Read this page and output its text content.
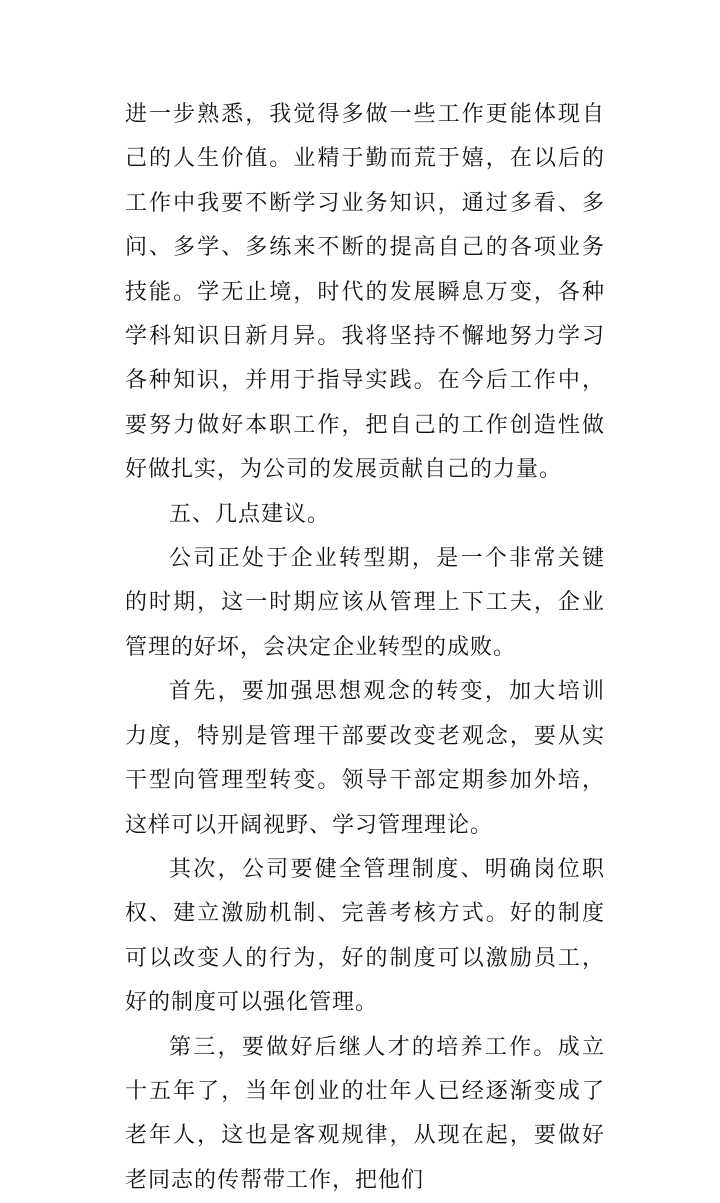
进一步熟悉，我觉得多做一些工作更能体现自己的人生价值。业精于勤而荒于嬉，在以后的工作中我要不断学习业务知识，通过多看、多问、多学、多练来不断的提高自己的各项业务技能。学无止境，时代的发展瞬息万变，各种学科知识日新月异。我将坚持不懈地努力学习各种知识，并用于指导实践。在今后工作中，要努力做好本职工作，把自己的工作创造性做好做扎实，为公司的发展贡献自己的力量。

五、几点建议。

公司正处于企业转型期，是一个非常关键的时期，这一时期应该从管理上下工夫，企业管理的好坏，会决定企业转型的成败。

首先，要加强思想观念的转变，加大培训力度，特别是管理干部要改变老观念，要从实干型向管理型转变。领导干部定期参加外培，这样可以开阔视野、学习管理理论。

其次，公司要健全管理制度、明确岗位职权、建立激励机制、完善考核方式。好的制度可以改变人的行为，好的制度可以激励员工，好的制度可以强化管理。

第三，要做好后继人才的培养工作。成立十五年了，当年创业的壮年人已经逐渐变成了老年人，这也是客观规律，从现在起，要做好老同志的传帮带工作，把他们
